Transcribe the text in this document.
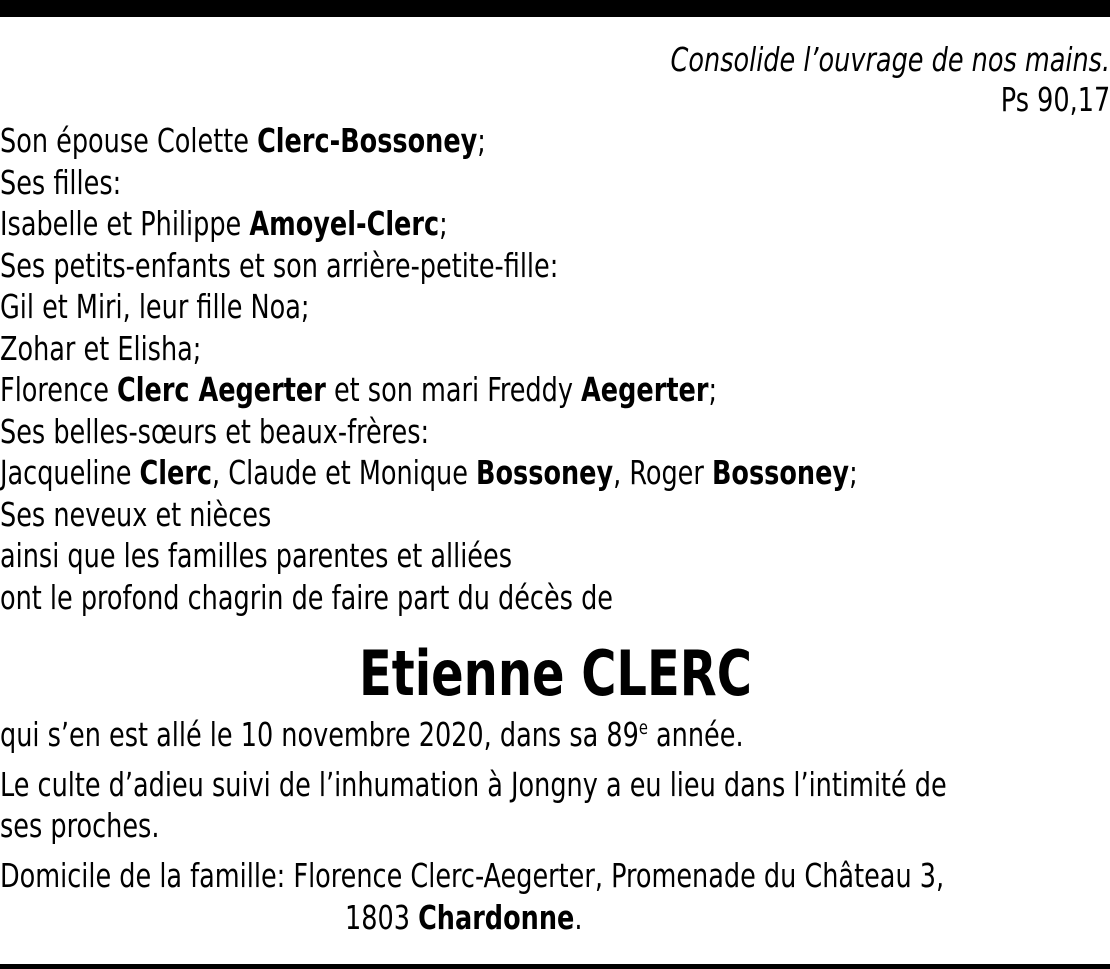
Consolide l’ouvrage de nos mains.
Ps 90,17
Son épouse Colette Clerc-Bossoney;
Ses filles:
Isabelle et Philippe Amoyel-Clerc;
Ses petits-enfants et son arrière-petite-fille:
Gil et Miri, leur fille Noa;
Zohar et Elisha;
Florence Clerc Aegerter et son mari Freddy Aegerter;
Ses belles-sœurs et beaux-frères:
Jacqueline Clerc, Claude et Monique Bossoney, Roger Bossoney;
Ses neveux et nièces
ainsi que les familles parentes et alliées
ont le profond chagrin de faire part du décès de
Etienne CLERC
qui s’en est allé le 10 novembre 2020, dans sa 89e année.
Le culte d’adieu suivi de l’inhumation à Jongny a eu lieu dans l’intimité de
ses proches.
Domicile de la famille: Florence Clerc-Aegerter, Promenade du Château 3,
1803 Chardonne.
